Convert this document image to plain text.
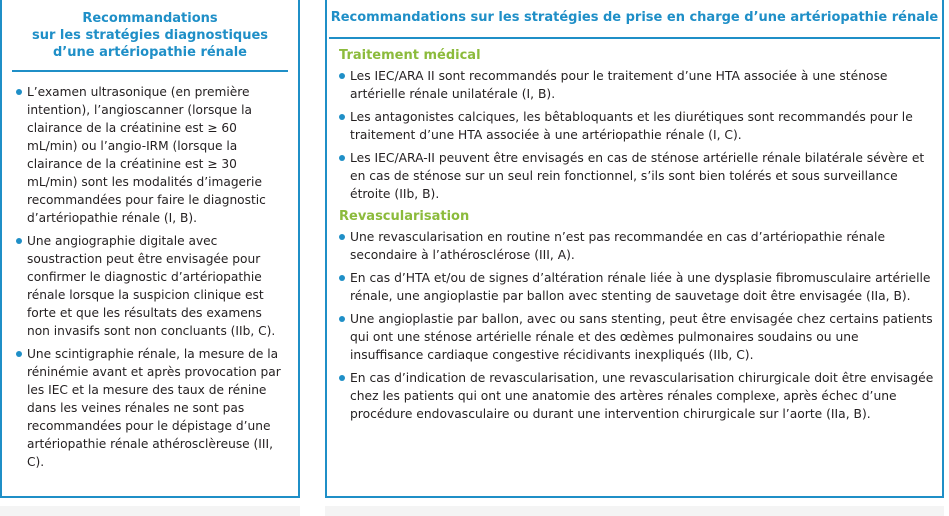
Recommandations
sur les stratégies diagnostiques
d’une artériopathie rénale
L’examen ultrasonique (en première intention), l’angioscanner (lorsque la clairance de la créatinine est ≥ 60 mL/min) ou l’angio-IRM (lorsque la clairance de la créatinine est ≥ 30 mL/min) sont les modalités d’imagerie recommandées pour faire le diagnostic d’artériopathie rénale (I, B).
Une angiographie digitale avec soustraction peut être envisagée pour confirmer le diagnostic d’artériopathie rénale lorsque la suspicion clinique est forte et que les résultats des examens non invasifs sont non concluants (IIb, C).
Une scintigraphie rénale, la mesure de la réninémie avant et après provocation par les IEC et la mesure des taux de rénine dans les veines rénales ne sont pas recommandées pour le dépistage d’une artériopathie rénale athérosclèreuse (III, C).
Recommandations sur les stratégies de prise en charge d’une artériopathie rénale
Traitement médical
Les IEC/ARA II sont recommandés pour le traitement d’une HTA associée à une sténose artérielle rénale unilatérale (I, B).
Les antagonistes calciques, les bêtabloquants et les diurétiques sont recommandés pour le traitement d’une HTA associée à une artériopathie rénale (I, C).
Les IEC/ARA-II peuvent être envisagés en cas de sténose artérielle rénale bilatérale sévère et en cas de sténose sur un seul rein fonctionnel, s’ils sont bien tolérés et sous surveillance étroite (IIb, B).
Revascularisation
Une revascularisation en routine n’est pas recommandée en cas d’artériopathie rénale secondaire à l’athérosclérose (III, A).
En cas d’HTA et/ou de signes d’altération rénale liée à une dysplasie fibromusculaire artérielle rénale, une angioplastie par ballon avec stenting de sauvetage doit être envisagée (IIa, B).
Une angioplastie par ballon, avec ou sans stenting, peut être envisagée chez certains patients qui ont une sténose artérielle rénale et des œdèmes pulmonaires soudains ou une insuffisance cardiaque congestive récidivants inexpliqués (IIb, C).
En cas d’indication de revascularisation, une revascularisation chirurgicale doit être envisagée chez les patients qui ont une anatomie des artères rénales complexe, après échec d’une procédure endovasculaire ou durant une intervention chirurgicale sur l’aorte (IIa, B).
